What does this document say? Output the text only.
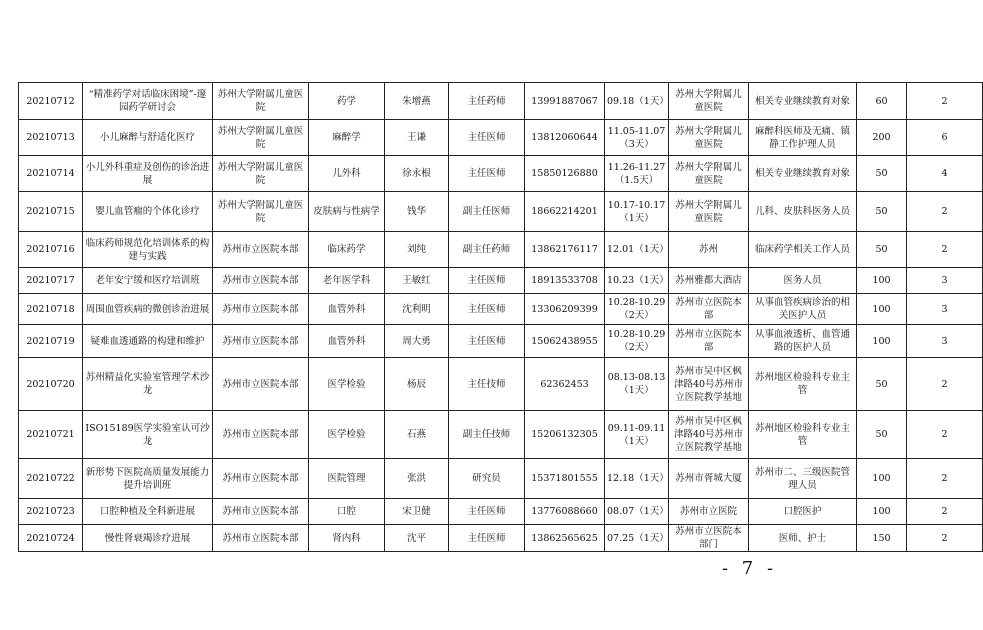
20210712	“精准药学对话临床困境”-邃园药学研讨会	苏州大学附属儿童医院	药学	朱增燕	主任药师	13991887067	09.18（1天）	苏州大学附属儿童医院	相关专业继续教育对象	60	2
20210713	小儿麻醉与舒适化医疗	苏州大学附属儿童医院	麻醉学	王谦	主任医师	13812060644	11.05-11.07（3天）	苏州大学附属儿童医院	麻醉科医师及无痛、镇静工作护理人员	200	6
20210714	小儿外科重症及创伤的诊治进展	苏州大学附属儿童医院	儿外科	徐永根	主任医师	15850126880	11.26-11.27（1.5天）	苏州大学附属儿童医院	相关专业继续教育对象	50	4
20210715	婴儿血管瘤的个体化诊疗	苏州大学附属儿童医院	皮肤病与性病学	钱华	副主任医师	18662214201	10.17-10.17（1天）	苏州大学附属儿童医院	儿科、皮肤科医务人员	50	2
20210716	临床药师规范化培训体系的构建与实践	苏州市立医院本部	临床药学	刘纯	副主任药师	13862176117	12.01（1天）	苏州	临床药学相关工作人员	50	2
20210717	老年安宁缓和医疗培训班	苏州市立医院本部	老年医学科	王敏红	主任医师	18913533708	10.23（1天）	苏州雅都大酒店	医务人员	100	3
20210718	周围血管疾病的微创诊治进展	苏州市立医院本部	血管外科	沈利明	主任医师	13306209399	10.28-10.29（2天）	苏州市立医院本部	从事血管疾病诊治的相关医护人员	100	3
20210719	疑难血透通路的构建和维护	苏州市立医院本部	血管外科	周大勇	主任医师	15062438955	10.28-10.29（2天）	苏州市立医院本部	从事血液透析、血管通路的医护人员	100	3
20210720	苏州精益化实验室管理学术沙龙	苏州市立医院本部	医学检验	杨辰	主任技师	62362453	08.13-08.13（1天）	苏州市吴中区枫津路40号苏州市立医院教学基地	苏州地区检验科专业主管	50	2
20210721	ISO15189医学实验室认可沙龙	苏州市立医院本部	医学检验	石燕	副主任技师	15206132305	09.11-09.11（1天）	苏州市吴中区枫津路40号苏州市立医院教学基地	苏州地区检验科专业主管	50	2
20210722	新形势下医院高质量发展能力提升培训班	苏州市立医院本部	医院管理	张洪	研究员	15371801555	12.18（1天）	苏州市胥城大厦	苏州市二、三级医院管理人员	100	2
20210723	口腔种植及全科新进展	苏州市立医院本部	口腔	宋卫健	主任医师	13776088660	08.07（1天）	苏州市立医院	口腔医护	100	2
20210724	慢性肾衰竭诊疗进展	苏州市立医院本部	肾内科	沈平	主任医师	13862565625	07.25（1天）	苏州市立医院本部门	医师、护士	150	2
- 7 -
